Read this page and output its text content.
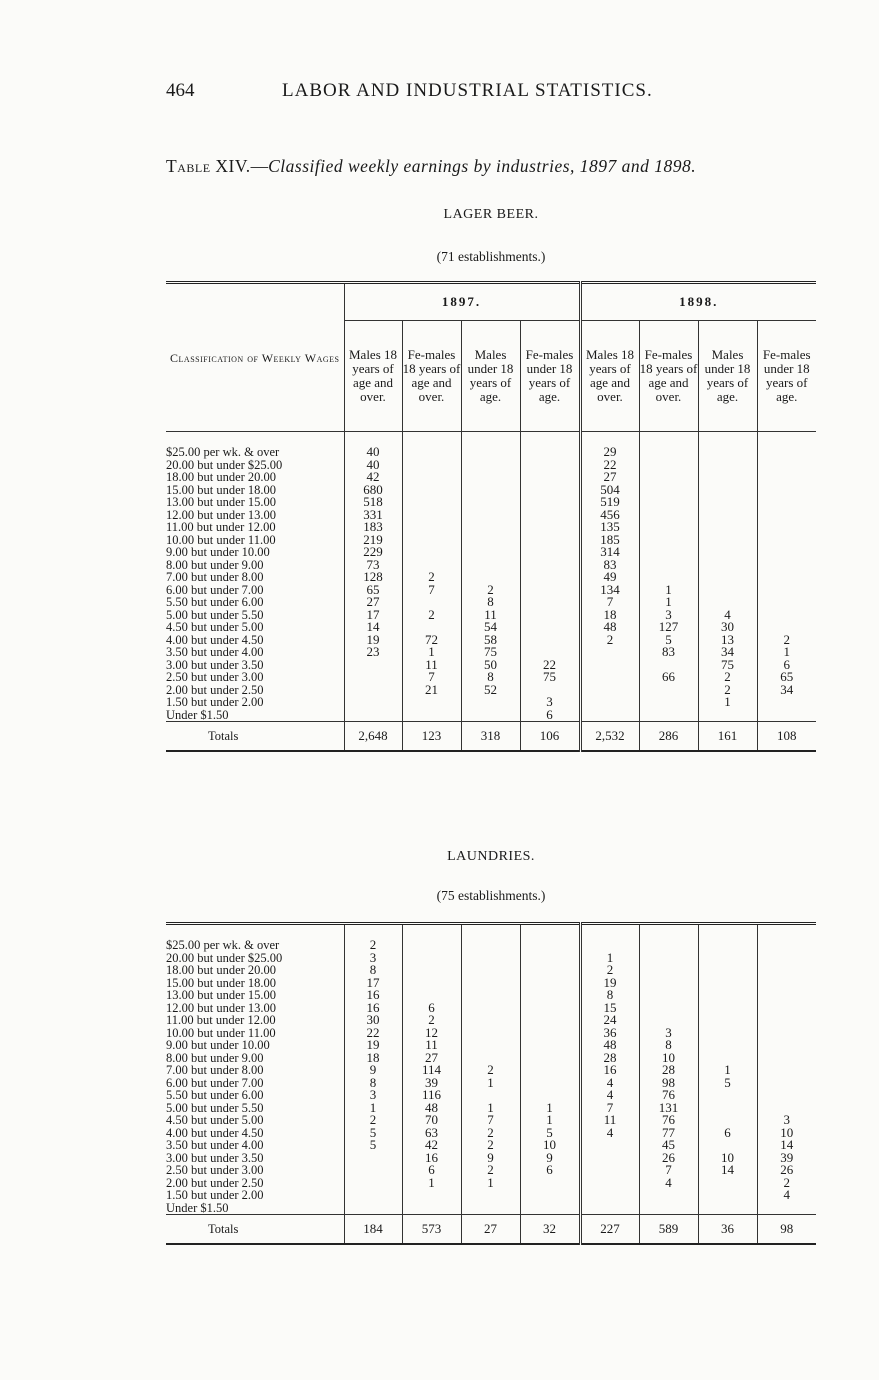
464	LABOR AND INDUSTRIAL STATISTICS.
Table XIV.—Classified weekly earnings by industries, 1897 and 1898.
LAGER BEER.
(71 establishments.)
Classification of Weekly Wages	1897.				1898.			
	Males 18 years of age and over.	Fe-males 18 years of age and over.	Males under 18 years of age.	Fe-males under 18 years of age.	Males 18 years of age and over.	Fe-males 18 years of age and over.	Males under 18 years of age.	Fe-males under 18 years of age.

$25.00 per wk. & over	40				29			
20.00 but under $25.00	40				22			
18.00 but under 20.00	42				27			
15.00 but under 18.00	680				504			
13.00 but under 15.00	518				519			
12.00 but under 13.00	331				456			
11.00 but under 12.00	183				135			
10.00 but under 11.00	219				185			
9.00 but under 10.00	229				314			
8.00 but under 9.00	73				83			
7.00 but under 8.00	128	2			49			
6.00 but under 7.00	65	7	2		134	1		
5.50 but under 6.00	27		8		7	1		
5.00 but under 5.50	17	2	11		18	3	4	
4.50 but under 5.00	14		54		48	127	30	
4.00 but under 4.50	19	72	58		2	5	13	2
3.50 but under 4.00	23	1	75			83	34	1
3.00 but under 3.50		11	50	22			75	6
2.50 but under 3.00		7	8	75		66	2	65
2.00 but under 2.50		21	52				2	34
1.50 but under 2.00				3			1	
Under $1.50				6				
Totals	2,648	123	318	106	2,532	286	161	108
LAUNDRIES.
(75 establishments.)

$25.00 per wk. & over	2							
20.00 but under $25.00	3				1			
18.00 but under 20.00	8				2			
15.00 but under 18.00	17				19			
13.00 but under 15.00	16				8			
12.00 but under 13.00	16	6			15			
11.00 but under 12.00	30	2			24			
10.00 but under 11.00	22	12			36	3		
9.00 but under 10.00	19	11			48	8		
8.00 but under 9.00	18	27			28	10		
7.00 but under 8.00	9	114	2		16	28	1	
6.00 but under 7.00	8	39	1		4	98	5	
5.50 but under 6.00	3	116			4	76		
5.00 but under 5.50	1	48	1	1	7	131		
4.50 but under 5.00	2	70	7	1	11	76		3
4.00 but under 4.50	5	63	2	5	4	77	6	10
3.50 but under 4.00	5	42	2	10		45		14
3.00 but under 3.50		16	9	9		26	10	39
2.50 but under 3.00		6	2	6		7	14	26
2.00 but under 2.50		1	1			4		2
1.50 but under 2.00								4
Under $1.50								
Totals	184	573	27	32	227	589	36	98
